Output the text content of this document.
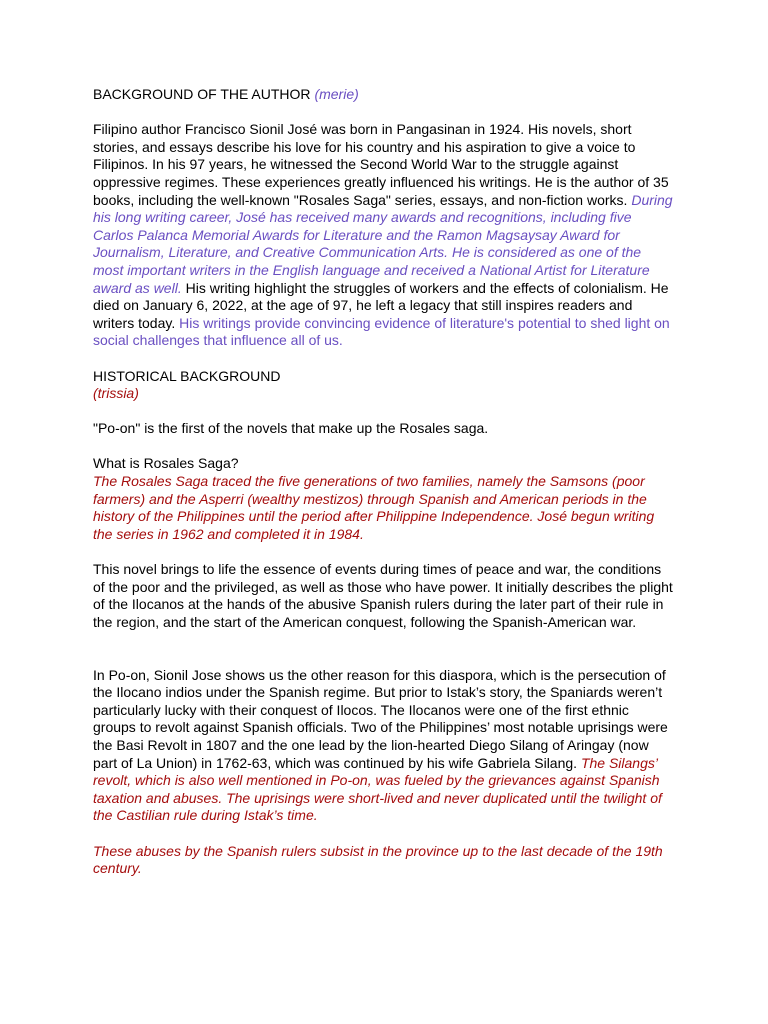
BACKGROUND OF THE AUTHOR (merie)

Filipino author Francisco Sionil José was born in Pangasinan in 1924. His novels, short stories, and essays describe his love for his country and his aspiration to give a voice to Filipinos. In his 97 years, he witnessed the Second World War to the struggle against oppressive regimes. These experiences greatly influenced his writings. He is the author of 35 books, including the well-known "Rosales Saga" series, essays, and non-fiction works. During his long writing career, José has received many awards and recognitions, including five Carlos Palanca Memorial Awards for Literature and the Ramon Magsaysay Award for Journalism, Literature, and Creative Communication Arts. He is considered as one of the most important writers in the English language and received a National Artist for Literature award as well. His writing highlight the struggles of workers and the effects of colonialism. He died on January 6, 2022, at the age of 97, he left a legacy that still inspires readers and writers today. His writings provide convincing evidence of literature's potential to shed light on social challenges that influence all of us.

HISTORICAL BACKGROUND

(trissia)

"Po-on" is the first of the novels that make up the Rosales saga.

What is Rosales Saga?

The Rosales Saga traced the five generations of two families, namely the Samsons (poor farmers) and the Asperri (wealthy mestizos) through Spanish and American periods in the history of the Philippines until the period after Philippine Independence. José begun writing the series in 1962 and completed it in 1984.

This novel brings to life the essence of events during times of peace and war, the conditions of the poor and the privileged, as well as those who have power. It initially describes the plight of the Ilocanos at the hands of the abusive Spanish rulers during the later part of their rule in the region, and the start of the American conquest, following the Spanish-American war.

In Po-on, Sionil Jose shows us the other reason for this diaspora, which is the persecution of the Ilocano indios under the Spanish regime. But prior to Istak’s story, the Spaniards weren’t particularly lucky with their conquest of Ilocos. The Ilocanos were one of the first ethnic groups to revolt against Spanish officials. Two of the Philippines’ most notable uprisings were the Basi Revolt in 1807 and the one lead by the lion-hearted Diego Silang of Aringay (now part of La Union) in 1762-63, which was continued by his wife Gabriela Silang. The Silangs’ revolt, which is also well mentioned in Po-on, was fueled by the grievances against Spanish taxation and abuses. The uprisings were short-lived and never duplicated until the twilight of the Castilian rule during Istak’s time.

These abuses by the Spanish rulers subsist in the province up to the last decade of the 19th century.
